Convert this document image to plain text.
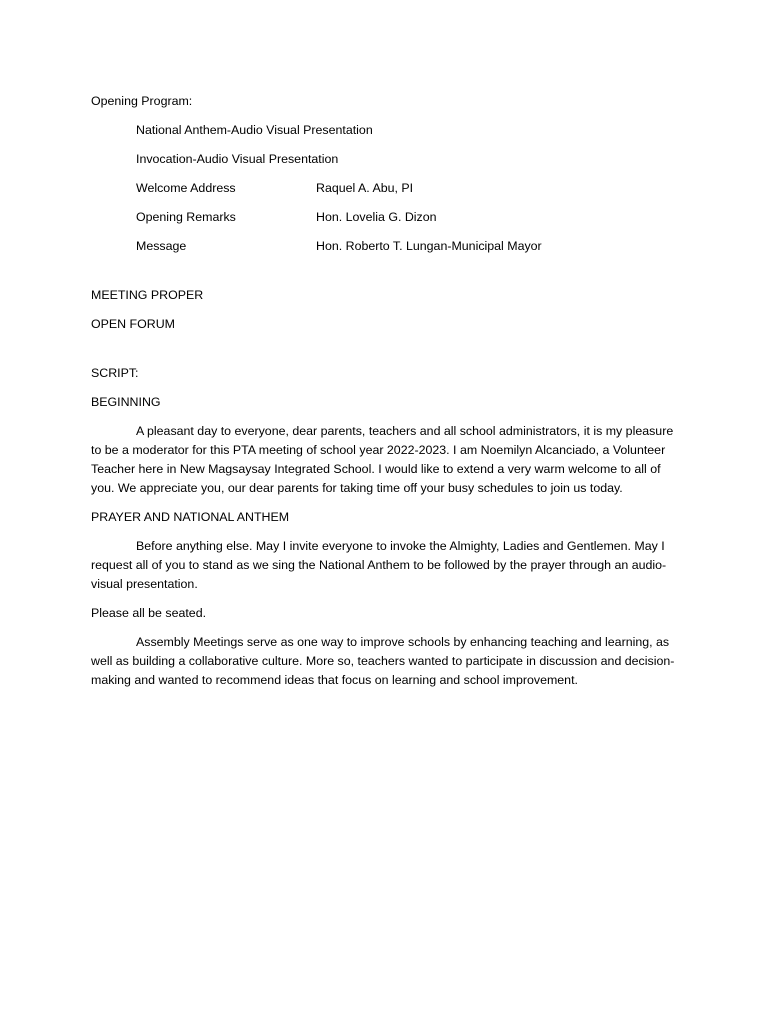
Opening Program:

National Anthem-Audio Visual Presentation

Invocation-Audio Visual Presentation

Welcome Address	Raquel A. Abu, PI
Opening Remarks	Hon. Lovelia G. Dizon
Message	Hon. Roberto T. Lungan-Municipal Mayor

MEETING PROPER

OPEN FORUM

SCRIPT:

BEGINNING

A pleasant day to everyone, dear parents, teachers and all school administrators, it is my pleasure to be a moderator for this PTA meeting of school year 2022-2023. I am Noemilyn Alcanciado, a Volunteer Teacher here in New Magsaysay Integrated School. I would like to extend a very warm welcome to all of you. We appreciate you, our dear parents for taking time off your busy schedules to join us today.

PRAYER AND NATIONAL ANTHEM

Before anything else. May I invite everyone to invoke the Almighty, Ladies and Gentlemen. May I request all of you to stand as we sing the National Anthem to be followed by the prayer through an audio-visual presentation.

Please all be seated.

Assembly Meetings serve as one way to improve schools by enhancing teaching and learning, as well as building a collaborative culture. More so, teachers wanted to participate in discussion and decision-making and wanted to recommend ideas that focus on learning and school improvement.
